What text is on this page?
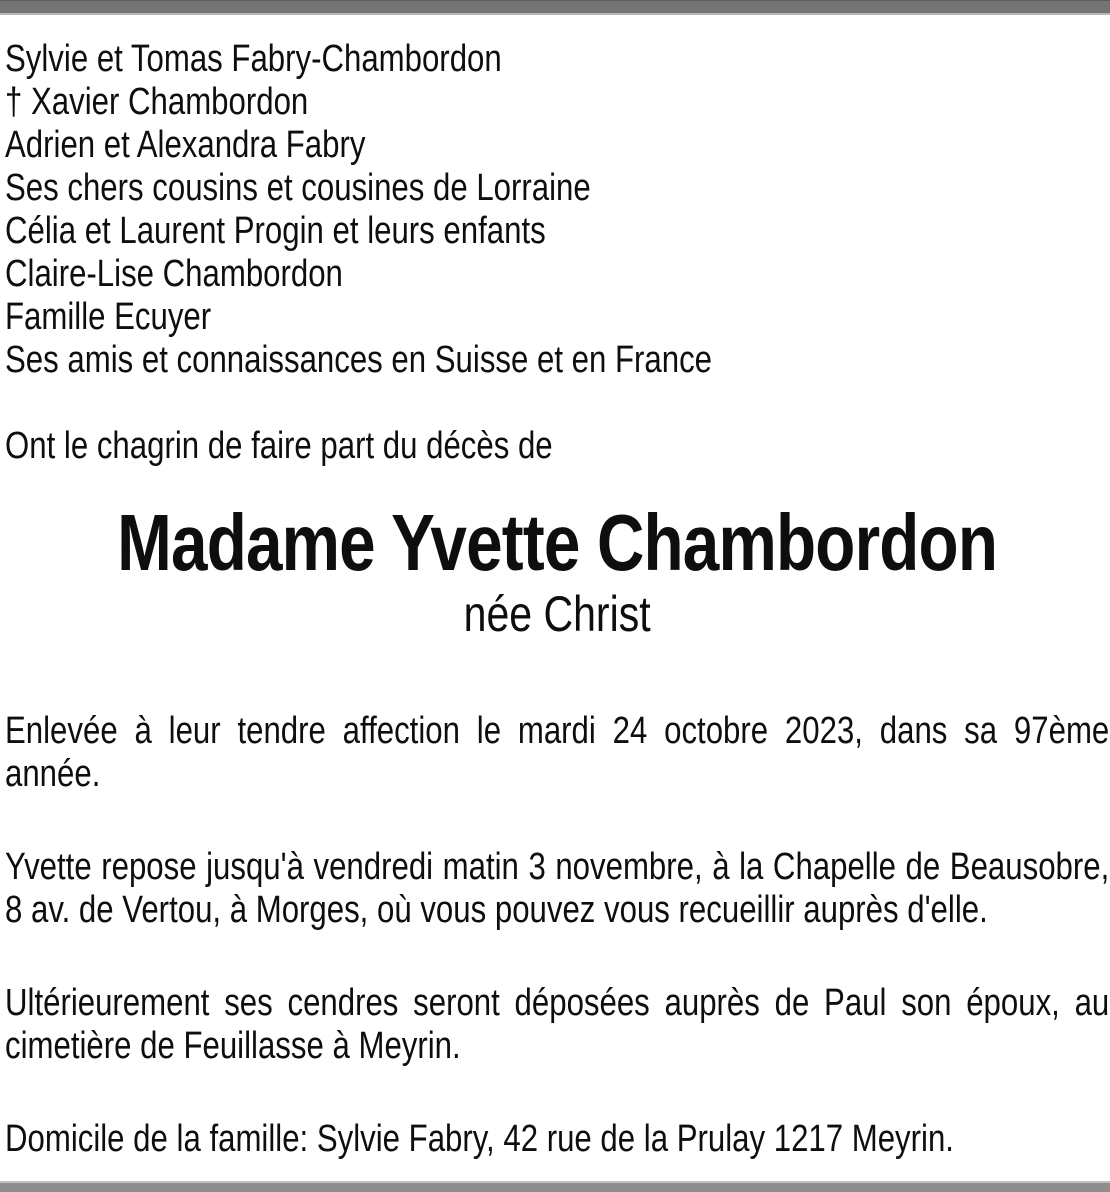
Sylvie et Tomas Fabry-Chambordon
† Xavier Chambordon
Adrien et Alexandra Fabry
Ses chers cousins et cousines de Lorraine
Célia et Laurent Progin et leurs enfants
Claire-Lise Chambordon
Famille Ecuyer
Ses amis et connaissances en Suisse et en France
Ont le chagrin de faire part du décès de
Madame Yvette Chambordon
née Christ
Enlevée à leur tendre affection le mardi 24 octobre 2023, dans sa 97ème année.
Yvette repose jusqu'à vendredi matin 3 novembre, à la Chapelle de Beausobre, 8 av. de Vertou, à Morges, où vous pouvez vous recueillir auprès d'elle.
Ultérieurement ses cendres seront déposées auprès de Paul son époux, au cimetière de Feuillasse à Meyrin.
Domicile de la famille: Sylvie Fabry, 42 rue de la Prulay 1217 Meyrin.
